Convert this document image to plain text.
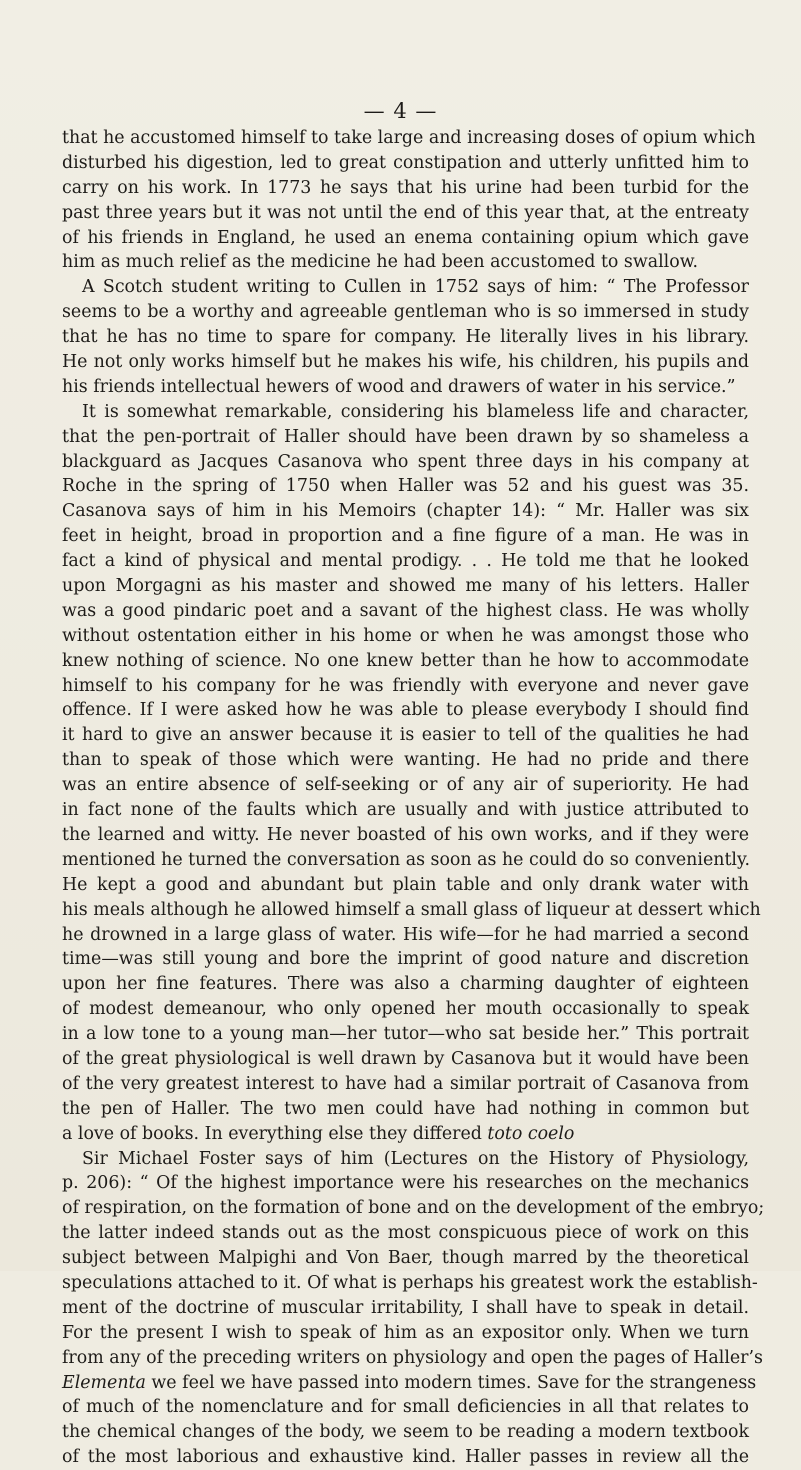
— 4 —
that he accustomed himself to take large and increasing doses of opium which
disturbed his digestion, led to great constipation and utterly unfitted him to
carry on his work. In 1773 he says that his urine had been turbid for the
past three years but it was not until the end of this year that, at the entreaty
of his friends in England, he used an enema containing opium which gave
him as much relief as the medicine he had been accustomed to swallow.
A Scotch student writing to Cullen in 1752 says of him: “ The Professor
seems to be a worthy and agreeable gentleman who is so immersed in study
that he has no time to spare for company. He literally lives in his library.
He not only works himself but he makes his wife, his children, his pupils and
his friends intellectual hewers of wood and drawers of water in his service.”
It is somewhat remarkable, considering his blameless life and character,
that the pen-portrait of Haller should have been drawn by so shameless a
blackguard as Jacques Casanova who spent three days in his company at
Roche in the spring of 1750 when Haller was 52 and his guest was 35.
Casanova says of him in his Memoirs (chapter 14): “ Mr. Haller was six
feet in height, broad in proportion and a fine figure of a man. He was in
fact a kind of physical and mental prodigy. . . He told me that he looked
upon Morgagni as his master and showed me many of his letters. Haller
was a good pindaric poet and a savant of the highest class. He was wholly
without ostentation either in his home or when he was amongst those who
knew nothing of science. No one knew better than he how to accommodate
himself to his company for he was friendly with everyone and never gave
offence. If I were asked how he was able to please everybody I should find
it hard to give an answer because it is easier to tell of the qualities he had
than to speak of those which were wanting. He had no pride and there
was an entire absence of self-seeking or of any air of superiority. He had
in fact none of the faults which are usually and with justice attributed to
the learned and witty. He never boasted of his own works, and if they were
mentioned he turned the conversation as soon as he could do so conveniently.
He kept a good and abundant but plain table and only drank water with
his meals although he allowed himself a small glass of liqueur at dessert which
he drowned in a large glass of water. His wife—for he had married a second
time—was still young and bore the imprint of good nature and discretion
upon her fine features. There was also a charming daughter of eighteen
of modest demeanour, who only opened her mouth occasionally to speak
in a low tone to a young man—her tutor—who sat beside her.” This portrait
of the great physiological is well drawn by Casanova but it would have been
of the very greatest interest to have had a similar portrait of Casanova from
the pen of Haller. The two men could have had nothing in common but
a love of books. In everything else they differed toto coelo
Sir Michael Foster says of him (Lectures on the History of Physiology,
p. 206): “ Of the highest importance were his researches on the mechanics
of respiration, on the formation of bone and on the development of the embryo;
the latter indeed stands out as the most conspicuous piece of work on this
subject between Malpighi and Von Baer, though marred by the theoretical
speculations attached to it. Of what is perhaps his greatest work the establish-
ment of the doctrine of muscular irritability, I shall have to speak in detail.
For the present I wish to speak of him as an expositor only. When we turn
from any of the preceding writers on physiology and open the pages of Haller’s
Elementa we feel we have passed into modern times. Save for the strangeness
of much of the nomenclature and for small deficiencies in all that relates to
the chemical changes of the body, we seem to be reading a modern textbook
of the most laborious and exhaustive kind. Haller passes in review all the
